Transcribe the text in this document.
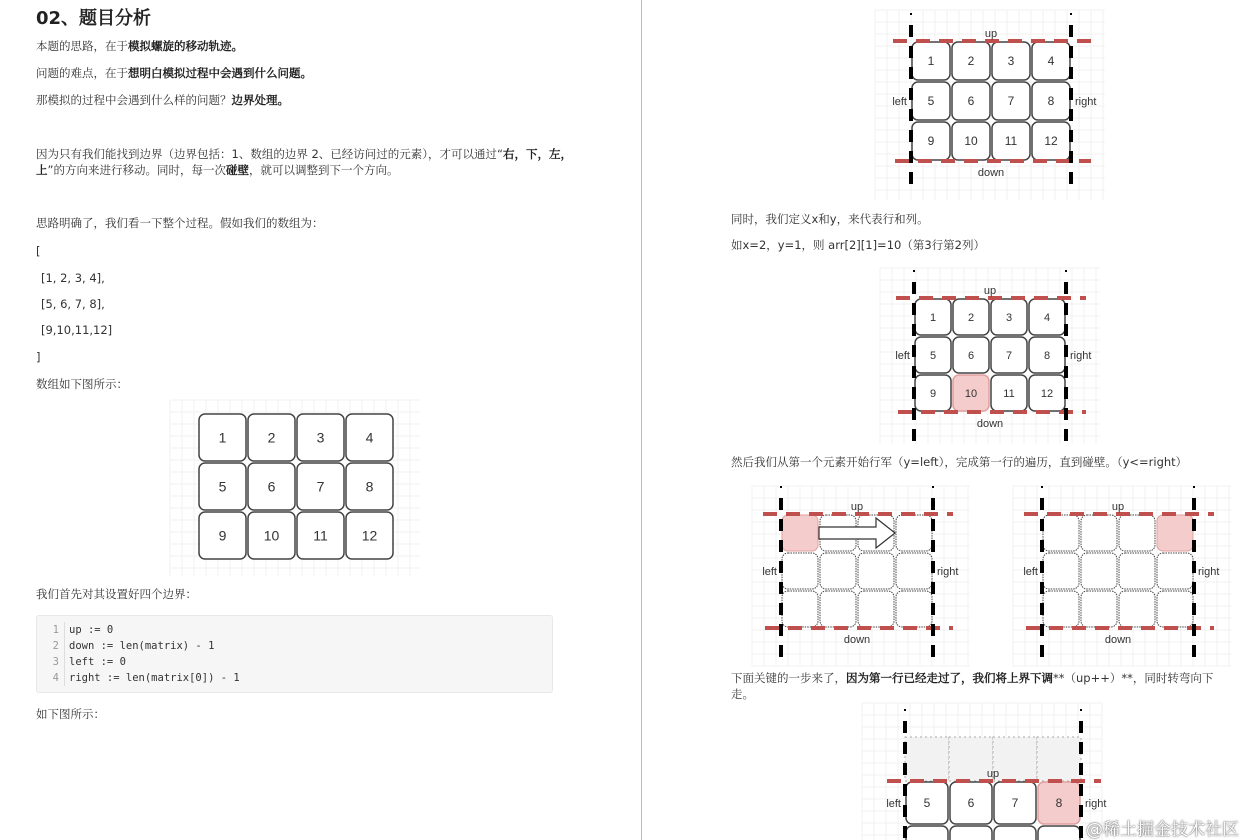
02、题目分析
本题的思路，在于模拟螺旋的移动轨迹。
问题的难点，在于想明白模拟过程中会遇到什么问题。
那模拟的过程中会遇到什么样的问题？边界处理。
因为只有我们能找到边界（边界包括：1、数组的边界 2、已经访问过的元素），才可以通过“右，下，左，上”的方向来进行移动。同时，每一次碰壁，就可以调整到下一个方向。
思路明确了，我们看一下整个过程。假如我们的数组为：
[
[1, 2, 3, 4],
[5, 6, 7, 8],
[9,10,11,12]
]
数组如下图所示：
我们首先对其设置好四个边界：
1 up := 0
2 down := len(matrix) - 1
3 left := 0
4 right := len(matrix[0]) - 1
如下图所示：
同时，我们定义x和y，来代表行和列。
如x=2，y=1，则 arr[2][1]=10（第3行第2列）
然后我们从第一个元素开始行军（y=left），完成第一行的遍历，直到碰壁。（y<=right）
下面关键的一步来了，因为第一行已经走过了，我们将上界下调**（up++）**，同时转弯向下走。
1	2	3	4
5	6	7	8
9	10 11 12
1	2	3	4
5	6	7	8
9 10 11 12
up
down
left	right
1	2	3	4
5	6	7	8
9	10 11 12
up
down
left	right
up
down
left	right
up
down
left	right
5	6	7	8
up
left	right
@稀土掘金技术社区
